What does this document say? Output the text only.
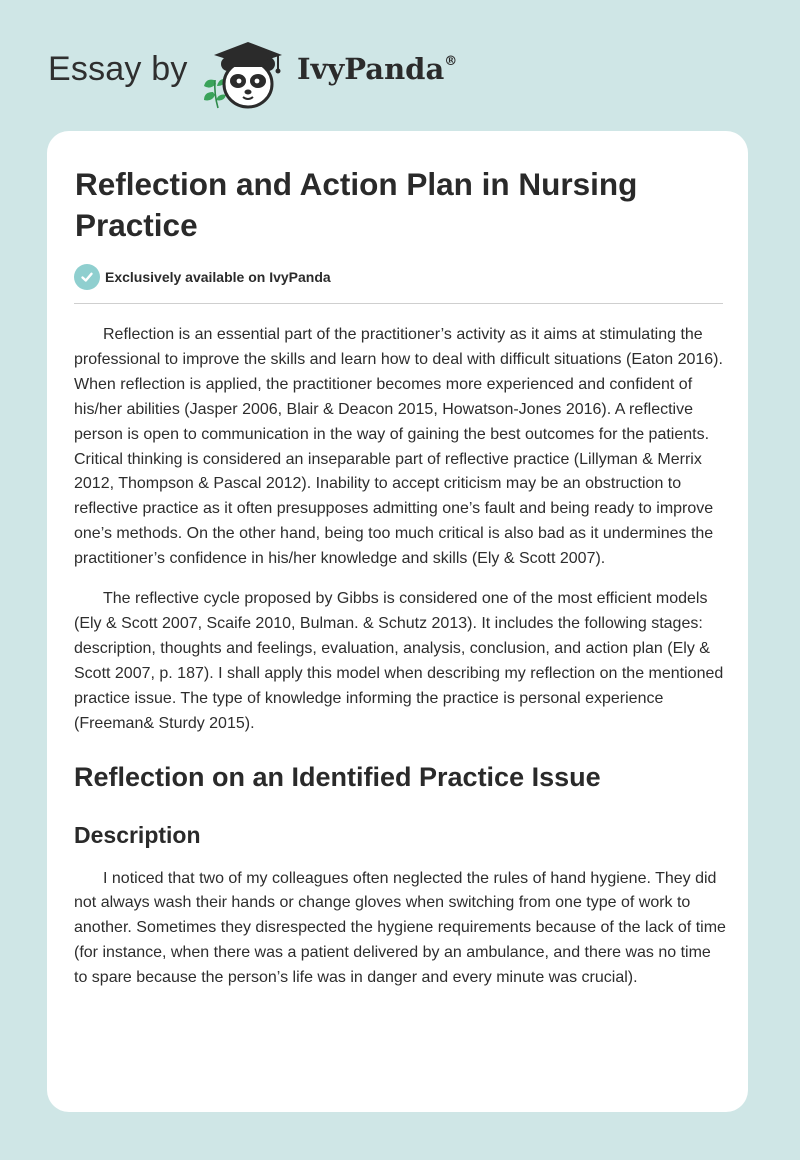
Essay by	IvyPanda®
Reflection and Action Plan in Nursing Practice
Exclusively available on IvyPanda

Reflection is an essential part of the practitioner’s activity as it aims at stimulating the professional to improve the skills and learn how to deal with difficult situations (Eaton 2016). When reflection is applied, the practitioner becomes more experienced and confident of his/her abilities (Jasper 2006, Blair & Deacon 2015, Howatson-Jones 2016). A reflective person is open to communication in the way of gaining the best outcomes for the patients. Critical thinking is considered an inseparable part of reflective practice (Lillyman & Merrix 2012, Thompson & Pascal 2012). Inability to accept criticism may be an obstruction to reflective practice as it often presupposes admitting one’s fault and being ready to improve one’s methods. On the other hand, being too much critical is also bad as it undermines the practitioner’s confidence in his/her knowledge and skills (Ely & Scott 2007).

The reflective cycle proposed by Gibbs is considered one of the most efficient models (Ely & Scott 2007, Scaife 2010, Bulman. & Schutz 2013). It includes the following stages: description, thoughts and feelings, evaluation, analysis, conclusion, and action plan (Ely & Scott 2007, p. 187). I shall apply this model when describing my reflection on the mentioned practice issue. The type of knowledge informing the practice is personal experience (Freeman& Sturdy 2015).

Reflection on an Identified Practice Issue
Description

I noticed that two of my colleagues often neglected the rules of hand hygiene. They did not always wash their hands or change gloves when switching from one type of work to another. Sometimes they disrespected the hygiene requirements because of the lack of time (for instance, when there was a patient delivered by an ambulance, and there was no time to spare because the person’s life was in danger and every minute was crucial).
